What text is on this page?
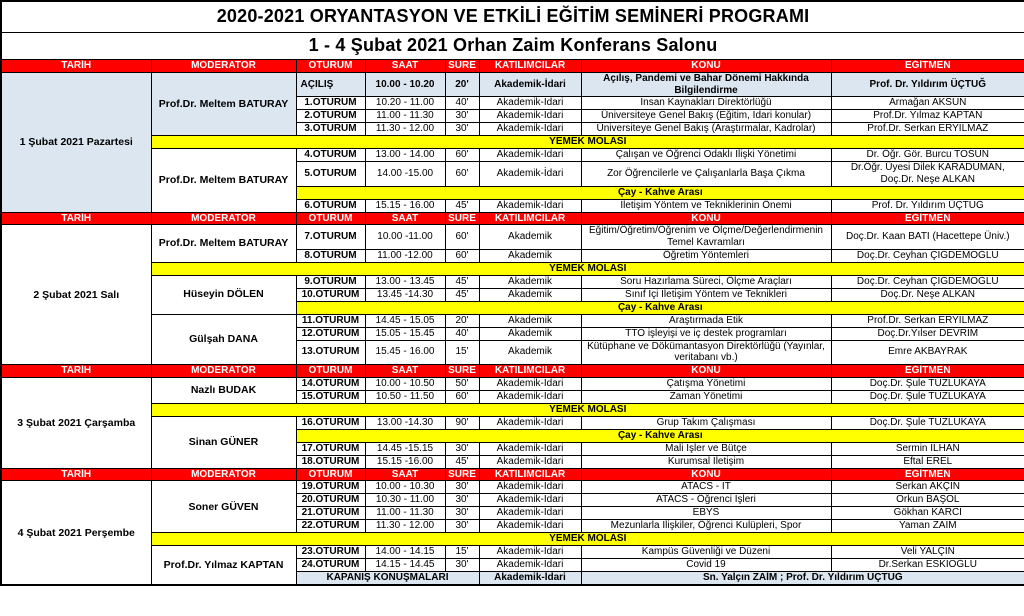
2020-2021 ORYANTASYON VE ETKİLİ EĞİTİM SEMİNERİ PROGRAMI							
1 - 4 Şubat 2021 Orhan Zaim Konferans Salonu							
TARİH	MODERATÖR	OTURUM	SAAT	SÜRE	KATILIMCILAR	KONU	EĞİTMEN
1 Şubat 2021 Pazartesi	Prof.Dr. Meltem BATURAY	AÇILIŞ	10.00 - 10.20	20'	Akademik-İdari	Açılış, Pandemi ve Bahar Dönemi Hakkında Bilgilendirme	Prof. Dr. Yıldırım ÜÇTUĞ
		1.OTURUM	10.20 - 11.00	40'	Akademik-İdari	İnsan Kaynakları Direktörlüğü	Armağan AKSUN
		2.OTURUM	11.00 - 11.30	30'	Akademik-İdari	Üniversiteye Genel Bakış (Eğitim, İdari konular)	Prof.Dr. Yılmaz KAPTAN
		3.OTURUM	11.30 - 12.00	30'	Akademik-İdari	Üniversiteye Genel Bakış (Araştırmalar, Kadrolar)	Prof.Dr. Serkan ERYILMAZ
	YEMEK MOLASI						
	Prof.Dr. Meltem BATURAY	4.OTURUM	13.00 - 14.00	60'	Akademik-İdari	Çalışan ve Öğrenci Odaklı İlişki Yönetimi	Dr. Öğr. Gör. Burcu TOSUN
		5.OTURUM	14.00 -15.00	60'	Akademik-İdari	Zor Öğrencilerle ve Çalışanlarla Başa Çıkma	Dr.Öğr. Üyesi Dilek KARADUMAN, Doç.Dr. Neşe ALKAN
		Çay - Kahve Arası					
		6.OTURUM	15.15 - 16.00	45'	Akademik-İdari	İletişim Yöntem ve Tekniklerinin Önemi	Prof. Dr. Yıldırım ÜÇTUĞ
TARİH	MODERATÖR	OTURUM	SAAT	SÜRE	KATILIMCILAR	KONU	EĞİTMEN
2 Şubat 2021 Salı	Prof.Dr. Meltem BATURAY	7.OTURUM	10.00 -11.00	60'	Akademik	Eğitim/Öğretim/Öğrenim ve Ölçme/Değerlendirmenin Temel Kavramları	Doç.Dr. Kaan BATI (Hacettepe Üniv.)
		8.OTURUM	11.00 -12.00	60'	Akademik	Öğretim Yöntemleri	Doç.Dr. Ceyhan ÇİĞDEMOĞLU
	YEMEK MOLASI						
	Hüseyin DÖLEN	9.OTURUM	13.00 - 13.45	45'	Akademik	Soru Hazırlama Süreci, Ölçme Araçları	Doç.Dr. Ceyhan ÇİĞDEMOĞLU
		10.OTURUM	13.45 -14.30	45'	Akademik	Sınıf İçi İletişim Yöntem ve Teknikleri	Doç.Dr. Neşe ALKAN
		Çay - Kahve Arası					
	Gülşah DANA	11.OTURUM	14.45 - 15.05	20'	Akademik	Araştırmada Etik	Prof.Dr. Serkan ERYILMAZ
		12.OTURUM	15.05 - 15.45	40'	Akademik	TTO işleyişi ve iç destek programları	Doç.Dr.Yılser DEVRİM
		13.OTURUM	15.45 - 16.00	15'	Akademik	Kütüphane ve Dökümantasyon Direktörlüğü (Yayınlar, veritabanı vb.)	Emre AKBAYRAK
TARİH	MODERATÖR	OTURUM	SAAT	SÜRE	KATILIMCILAR	KONU	EĞİTMEN
3 Şubat 2021 Çarşamba	Nazlı BUDAK	14.OTURUM	10.00 - 10.50	50'	Akademik-İdari	Çatışma Yönetimi	Doç.Dr. Şule TUZLUKAYA
		15.OTURUM	10.50 - 11.50	60'	Akademik-İdari	Zaman Yönetimi	Doç.Dr. Şule TUZLUKAYA
	YEMEK MOLASI						
	Sinan GÜNER	16.OTURUM	13.00 -14.30	90'	Akademik-İdari	Grup Takım Çalışması	Doç.Dr. Şule TUZLUKAYA
		Çay - Kahve Arası					
		17.OTURUM	14.45 -15.15	30'	Akademik-İdari	Mali İşler ve Bütçe	Sermin İLHAN
		18.OTURUM	15.15 -16.00	45'	Akademik-İdari	Kurumsal İletişim	Eftal EREL
TARİH	MODERATÖR	OTURUM	SAAT	SÜRE	KATILIMCILAR	KONU	EĞİTMEN
4 Şubat 2021 Perşembe	Soner GÜVEN	19.OTURUM	10.00 - 10.30	30'	Akademik-İdari	ATACS - IT	Serkan AKÇİN
		20.OTURUM	10.30 - 11.00	30'	Akademik-İdari	ATACS - Öğrenci İşleri	Orkun BAŞOL
		21.OTURUM	11.00 - 11.30	30'	Akademik-İdari	EBYS	Gökhan KARCI
		22.OTURUM	11.30 - 12.00	30'	Akademik-İdari	Mezunlarla İlişkiler, Öğrenci Kulüpleri, Spor	Yaman ZAİM
	YEMEK MOLASI						
	Prof.Dr. Yılmaz KAPTAN	23.OTURUM	14.00 - 14.15	15'	Akademik-İdari	Kampüs Güvenliği ve Düzeni	Veli YALÇIN
		24.OTURUM	14.15 - 14.45	30'	Akademik-İdari	Covid 19	Dr.Serkan ESKİOĞLU
		KAPANIŞ KONUŞMALARI			Akademik-İdari	Sn. Yalçın ZAİM ; Prof. Dr. Yıldırım ÜÇTUĞ	
